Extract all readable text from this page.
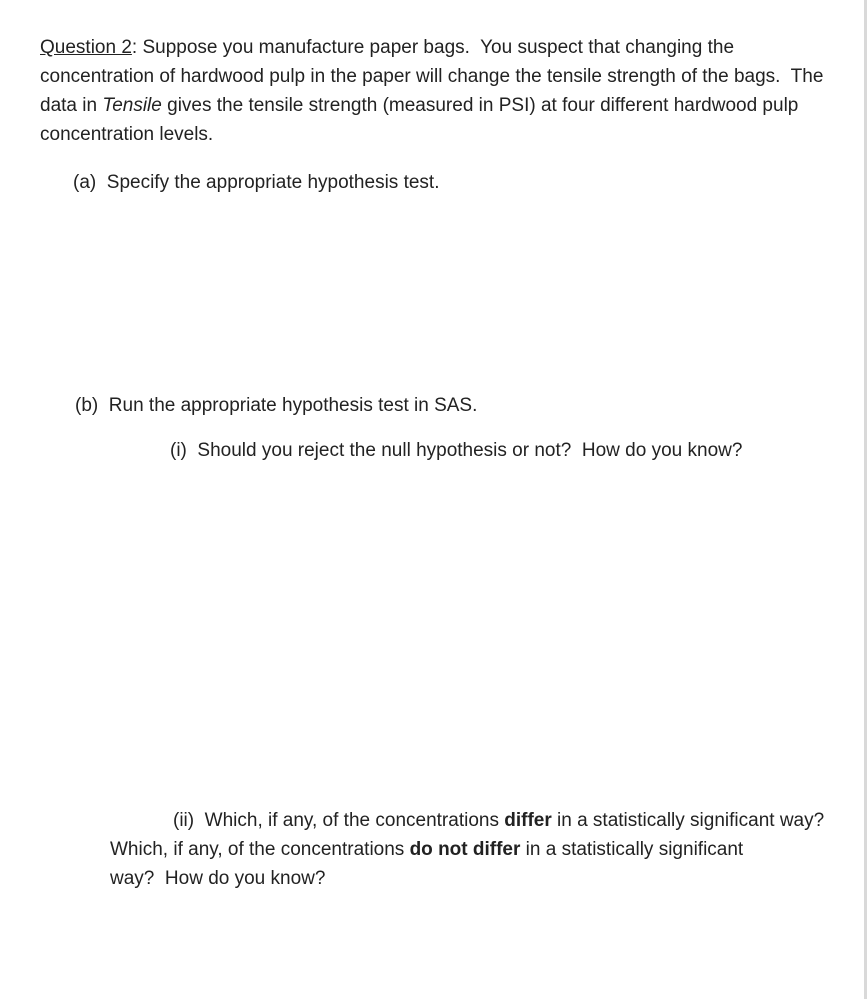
Question 2: Suppose you manufacture paper bags.  You suspect that changing the
concentration of hardwood pulp in the paper will change the tensile strength of the bags.  The
data in Tensile gives the tensile strength (measured in PSI) at four different hardwood pulp
concentration levels.
(a)  Specify the appropriate hypothesis test.
(b)  Run the appropriate hypothesis test in SAS.
(i)  Should you reject the null hypothesis or not?  How do you know?
(ii)  Which, if any, of the concentrations differ in a statistically significant way?
Which, if any, of the concentrations do not differ in a statistically significant
way?  How do you know?
